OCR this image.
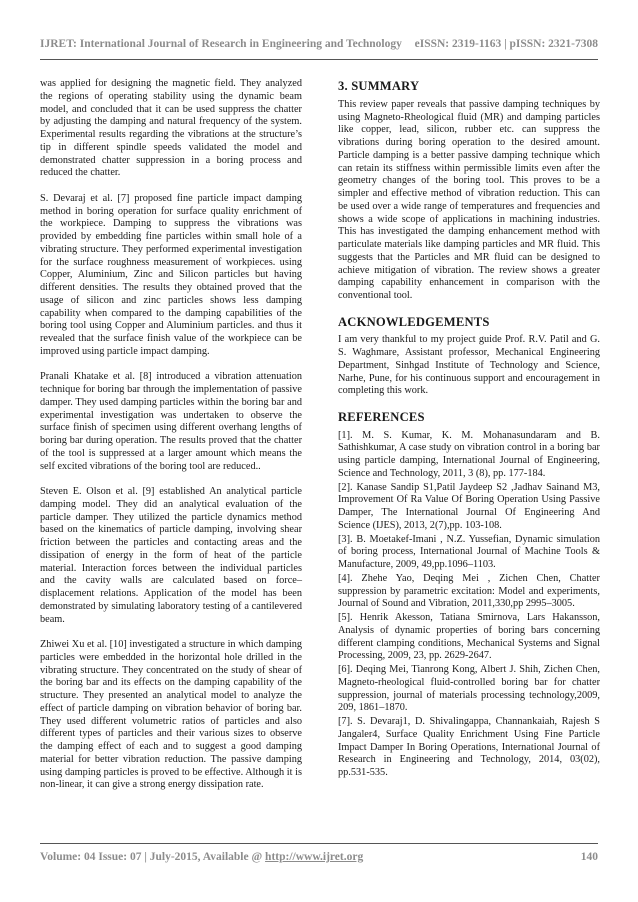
IJRET: International Journal of Research in Engineering and Technology eISSN: 2319-1163 | pISSN: 2321-7308

was applied for designing the magnetic field. They analyzed the regions of operating stability using the dynamic beam model, and concluded that it can be used suppress the chatter by adjusting the damping and natural frequency of the system. Experimental results regarding the vibrations at the structure’s tip in different spindle speeds validated the model and demonstrated chatter suppression in a boring process and reduced the chatter.

S. Devaraj et al. [7] proposed fine particle impact damping method in boring operation for surface quality enrichment of the workpiece. Damping to suppress the vibrations was provided by embedding fine particles within small hole of a vibrating structure. They performed experimental investigation for the surface roughness measurement of workpieces. using Copper, Aluminium, Zinc and Silicon particles but having different densities. The results they obtained proved that the usage of silicon and zinc particles shows less damping capability when compared to the damping capabilities of the boring tool using Copper and Aluminium particles. and thus it revealed that the surface finish value of the workpiece can be improved using particle impact damping.

Pranali Khatake et al. [8] introduced a vibration attenuation technique for boring bar through the implementation of passive damper. They used damping particles within the boring bar and experimental investigation was undertaken to observe the surface finish of specimen using different overhang lengths of boring bar during operation. The results proved that the chatter of the tool is suppressed at a larger amount which means the self excited vibrations of the boring tool are reduced..

Steven E. Olson et al. [9] established An analytical particle damping model. They did an analytical evaluation of the particle damper. They utilized the particle dynamics method based on the kinematics of particle damping, involving shear friction between the particles and contacting areas and the dissipation of energy in the form of heat of the particle material. Interaction forces between the individual particles and the cavity walls are calculated based on force–displacement relations. Application of the model has been demonstrated by simulating laboratory testing of a cantilevered beam.

Zhiwei Xu et al. [10] investigated a structure in which damping particles were embedded in the horizontal hole drilled in the vibrating structure. They concentrated on the study of shear of the boring bar and its effects on the damping capability of the structure. They presented an analytical model to analyze the effect of particle damping on vibration behavior of boring bar. They used different volumetric ratios of particles and also different types of particles and their various sizes to observe the damping effect of each and to suggest a good damping material for better vibration reduction. The passive damping using damping particles is proved to be effective. Although it is non-linear, it can give a strong energy dissipation rate.

3. SUMMARY

This review paper reveals that passive damping techniques by using Magneto-Rheological fluid (MR) and damping particles like copper, lead, silicon, rubber etc. can suppress the vibrations during boring operation to the desired amount. Particle damping is a better passive damping technique which can retain its stiffness within permissible limits even after the geometry changes of the boring tool. This proves to be a simpler and effective method of vibration reduction. This can be used over a wide range of temperatures and frequencies and shows a wide scope of applications in machining industries. This has investigated the damping enhancement method with particulate materials like damping particles and MR fluid. This suggests that the Particles and MR fluid can be designed to achieve mitigation of vibration. The review shows a greater damping capability enhancement in comparison with the conventional tool.

ACKNOWLEDGEMENTS

I am very thankful to my project guide Prof. R.V. Patil and G. S. Waghmare, Assistant professor, Mechanical Engineering Department, Sinhgad Institute of Technology and Science, Narhe, Pune, for his continuous support and encouragement in completing this work.

REFERENCES

[1]. M. S. Kumar, K. M. Mohanasundaram and B. Sathishkumar, A case study on vibration control in a boring bar using particle damping, International Journal of Engineering, Science and Technology, 2011, 3 (8), pp. 177-184.

[2]. Kanase Sandip S1,Patil Jaydeep S2 ,Jadhav Sainand M3, Improvement Of Ra Value Of Boring Operation Using Passive Damper, The International Journal Of Engineering And Science (IJES), 2013, 2(7),pp. 103-108.

[3]. B. Moetakef-Imani , N.Z. Yussefian, Dynamic simulation of boring process, International Journal of Machine Tools & Manufacture, 2009, 49,pp.1096–1103.

[4]. Zhehe Yao, Deqing Mei , Zichen Chen, Chatter suppression by parametric excitation: Model and experiments, Journal of Sound and Vibration, 2011,330,pp 2995–3005.

[5]. Henrik Akesson, Tatiana Smirnova, Lars Hakansson, Analysis of dynamic properties of boring bars concerning different clamping conditions, Mechanical Systems and Signal Processing, 2009, 23, pp. 2629-2647.

[6]. Deqing Mei, Tianrong Kong, Albert J. Shih, Zichen Chen, Magneto-rheological fluid-controlled boring bar for chatter suppression, journal of materials processing technology,2009, 209, 1861–1870.

[7]. S. Devaraj1, D. Shivalingappa, Channankaiah, Rajesh S Jangaler4, Surface Quality Enrichment Using Fine Particle Impact Damper In Boring Operations, International Journal of Research in Engineering and Technology, 2014, 03(02), pp.531-535.

Volume: 04 Issue: 07 | July-2015, Available @ http://www.ijret.org	140
